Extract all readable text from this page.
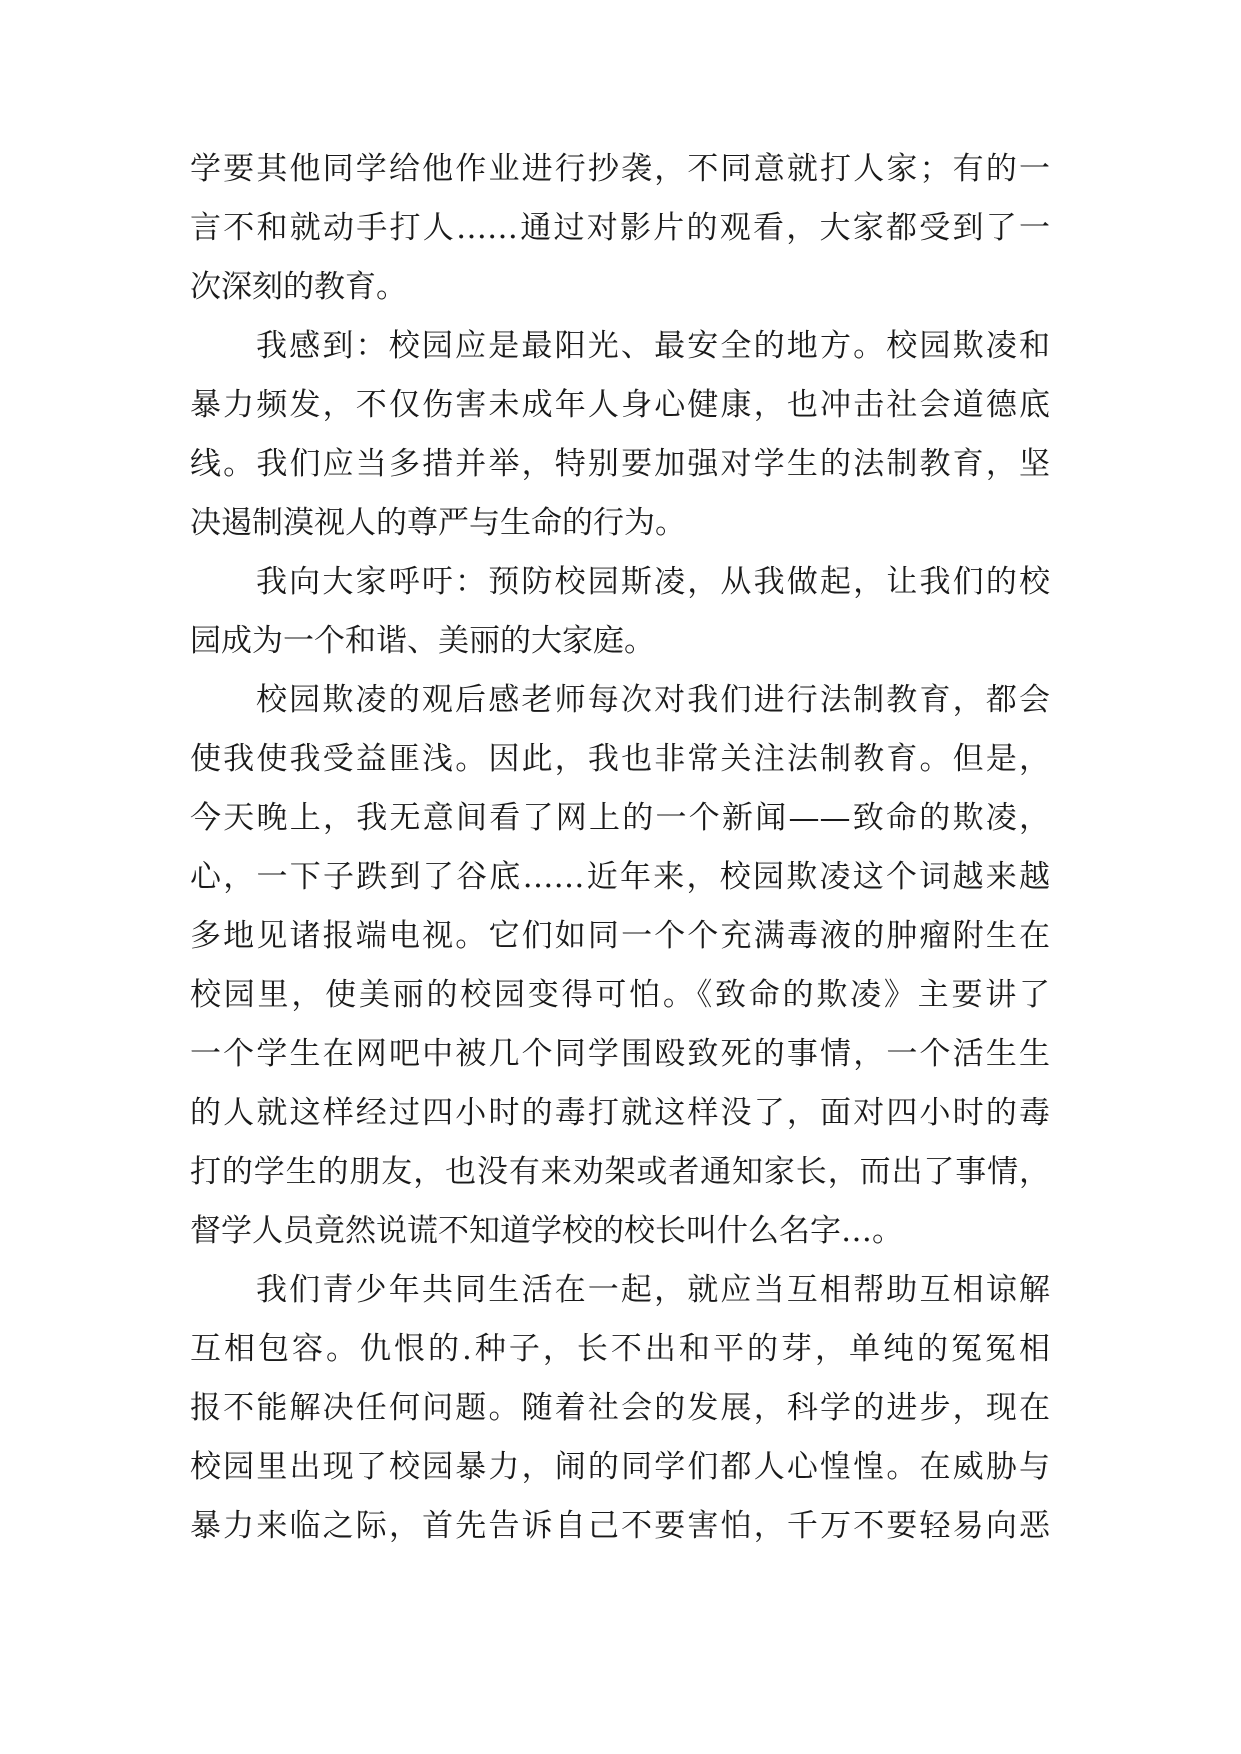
学要其他同学给他作业进行抄袭，不同意就打人家；有的一
言不和就动手打人……通过对影片的观看，大家都受到了一
次深刻的教育。
我感到：校园应是最阳光、最安全的地方。校园欺凌和
暴力频发，不仅伤害未成年人身心健康，也冲击社会道德底
线。我们应当多措并举，特别要加强对学生的法制教育，坚
决遏制漠视人的尊严与生命的行为。
我向大家呼吁：预防校园斯凌，从我做起，让我们的校
园成为一个和谐、美丽的大家庭。
校园欺凌的观后感老师每次对我们进行法制教育，都会
使我使我受益匪浅。因此，我也非常关注法制教育。但是，
今天晚上，我无意间看了网上的一个新闻——致命的欺凌，
心，一下子跌到了谷底……近年来，校园欺凌这个词越来越
多地见诸报端电视。它们如同一个个充满毒液的肿瘤附生在
校园里，使美丽的校园变得可怕。《致命的欺凌》主要讲了
一个学生在网吧中被几个同学围殴致死的事情，一个活生生
的人就这样经过四小时的毒打就这样没了，面对四小时的毒
打的学生的朋友，也没有来劝架或者通知家长，而出了事情，
督学人员竟然说谎不知道学校的校长叫什么名字…。
我们青少年共同生活在一起，就应当互相帮助互相谅解
互相包容。仇恨的.种子，长不出和平的芽，单纯的冤冤相
报不能解决任何问题。随着社会的发展，科学的进步，现在
校园里出现了校园暴力，闹的同学们都人心惶惶。在威胁与
暴力来临之际，首先告诉自己不要害怕，千万不要轻易向恶
